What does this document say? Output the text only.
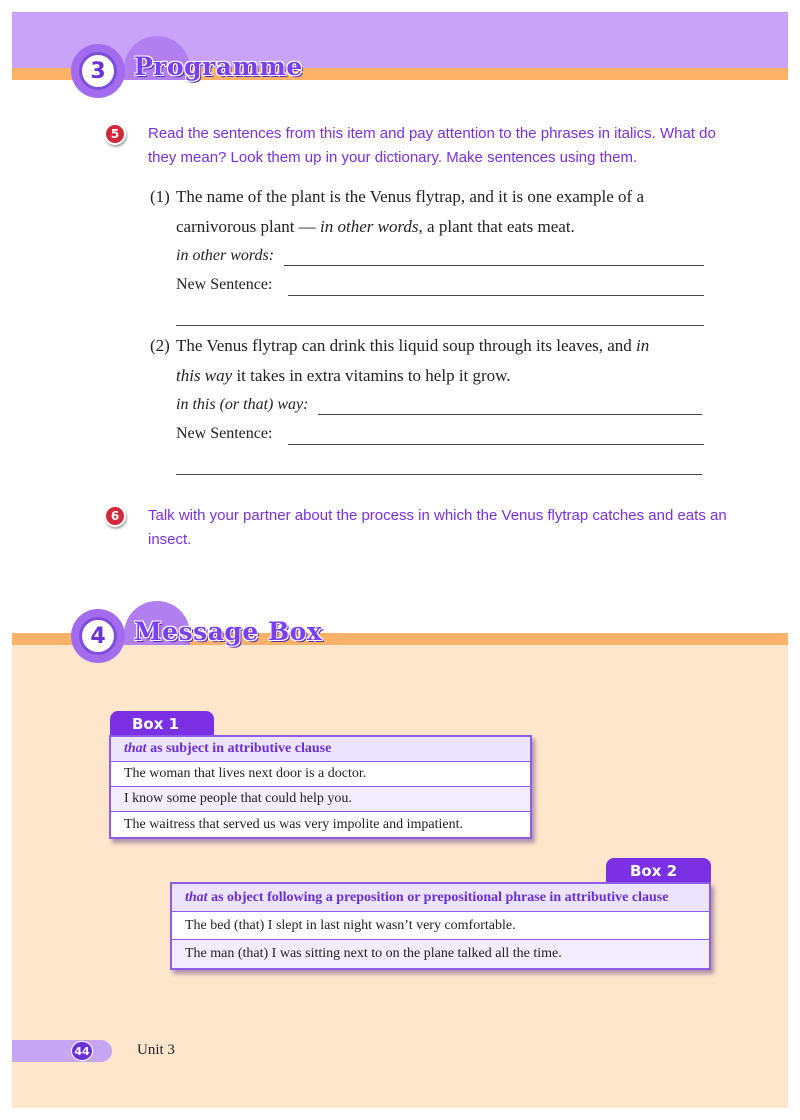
3	Programme
5	Read the sentences from this item and pay attention to the phrases in italics. What do they mean? Look them up in your dictionary. Make sentences using them.
(1) The name of the plant is the Venus flytrap, and it is one example of a
carnivorous plant — in other words, a plant that eats meat.
in other words:
New Sentence:
(2) The Venus flytrap can drink this liquid soup through its leaves, and in
this way it takes in extra vitamins to help it grow.
in this (or that) way:
New Sentence:
6	Talk with your partner about the process in which the Venus flytrap catches and eats an insect.
4	Message Box
Box 1
that as subject in attributive clause
The woman that lives next door is a doctor.
I know some people that could help you.
The waitress that served us was very impolite and impatient.
Box 2
that as object following a preposition or prepositional phrase in attributive clause
The bed (that) I slept in last night wasn’t very comfortable.
The man (that) I was sitting next to on the plane talked all the time.
44	Unit 3
